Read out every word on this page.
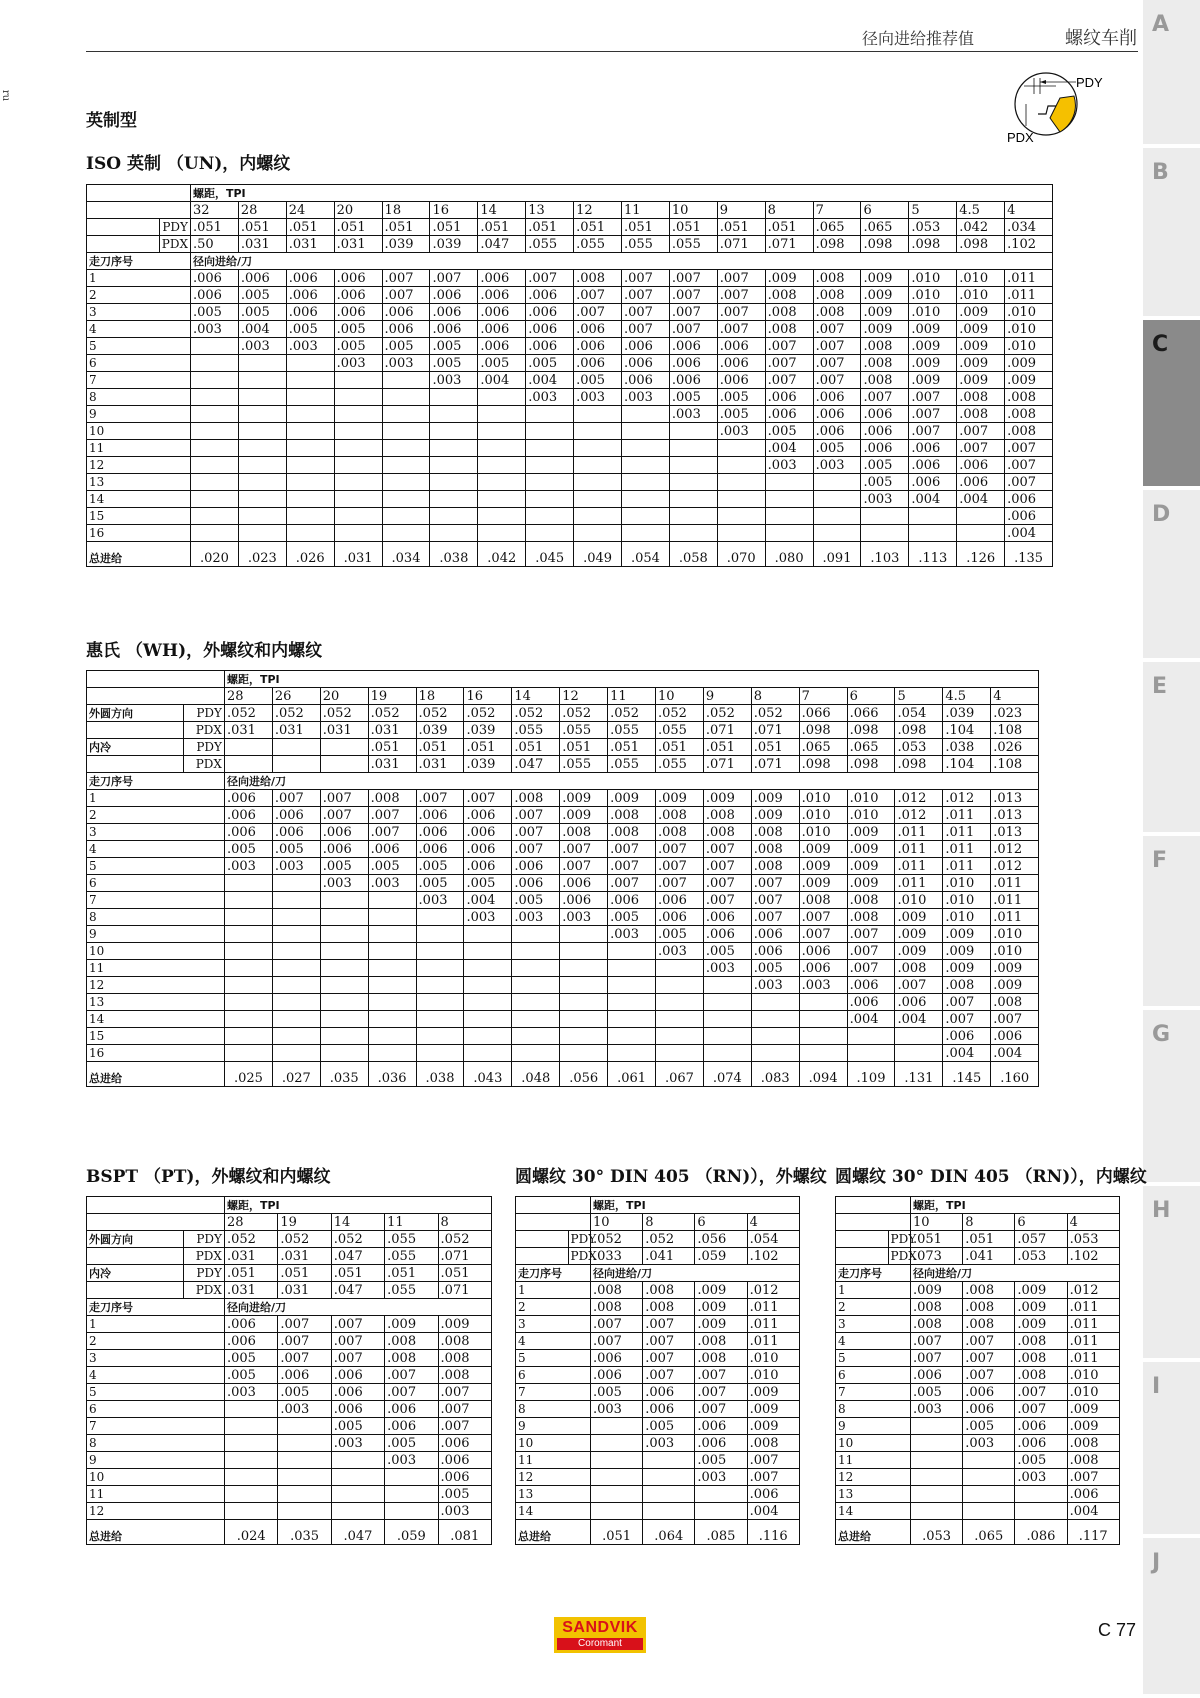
ru
径向进给推荐值	螺纹车削
A
B
C
D
E
F
G
H
I
J
英制型
PDY
PDX
ISO 英制 （UN)，内螺纹
惠氏 （WH)，外螺纹和内螺纹
BSPT （PT)，外螺纹和内螺纹	圆螺纹 30° DIN 405 （RN)），外螺纹 圆螺纹 30° DIN 405 （RN)），内螺纹
		螺距，TPI																		
		32	28	24	20	18	16	14	13	12	11	10	9	8	7	6	5	4.5	4	
	PDY	.051	.051	.051	.051	.051	.051	.051	.051	.051	.051	.051	.051	.051	.065	.065	.053	.042	.034	
	PDX	.50	.031	.031	.031	.039	.039	.047	.055	.055	.055	.055	.071	.071	.098	.098	.098	.098	.102	
走刀序号		径向进给/刀																		
1		.006	.006	.006	.006	.007	.007	.006	.007	.008	.007	.007	.007	.009	.008	.009	.010	.010	.011	
2		.006	.005	.006	.006	.007	.006	.006	.006	.007	.007	.007	.007	.008	.008	.009	.010	.010	.011	
3		.005	.005	.006	.006	.006	.006	.006	.006	.007	.007	.007	.007	.008	.008	.009	.010	.009	.010	
4		.003	.004	.005	.005	.006	.006	.006	.006	.006	.007	.007	.007	.008	.007	.009	.009	.009	.010	
5			.003	.003	.005	.005	.005	.006	.006	.006	.006	.006	.006	.007	.007	.008	.009	.009	.010	
6					.003	.003	.005	.005	.005	.006	.006	.006	.006	.007	.007	.008	.009	.009	.009	
7							.003	.004	.004	.005	.006	.006	.006	.007	.007	.008	.009	.009	.009	
8									.003	.003	.003	.005	.005	.006	.006	.007	.007	.008	.008	
9												.003	.005	.006	.006	.006	.007	.008	.008	
10													.003	.005	.006	.006	.007	.007	.008	
11														.004	.005	.006	.006	.007	.007	
12														.003	.003	.005	.006	.006	.007	
13																.005	.006	.006	.007	
14																.003	.004	.004	.006	
15																			.006	
16																			.004	
总进给		.020	.023	.026	.031	.034	.038	.042	.045	.049	.054	.058	.070	.080	.091	.103	.113	.126	.135	
		螺距，TPI																
		28	26	20	19	18	16	14	12	11	10	9	8	7	6	5	4.5	4
外圆方向	PDY	.052	.052	.052	.052	.052	.052	.052	.052	.052	.052	.052	.052	.066	.066	.054	.039	.023
	PDX	.031	.031	.031	.031	.039	.039	.055	.055	.055	.055	.071	.071	.098	.098	.098	.104	.108
内冷	PDY				.051	.051	.051	.051	.051	.051	.051	.051	.051	.065	.065	.053	.038	.026
	PDX				.031	.031	.039	.047	.055	.055	.055	.071	.071	.098	.098	.098	.104	.108
走刀序号		径向进给/刀																
1		.006	.007	.007	.008	.007	.007	.008	.009	.009	.009	.009	.009	.010	.010	.012	.012	.013
2		.006	.006	.007	.007	.006	.006	.007	.009	.008	.008	.008	.009	.010	.010	.012	.011	.013
3		.006	.006	.006	.007	.006	.006	.007	.008	.008	.008	.008	.008	.010	.009	.011	.011	.013
4		.005	.005	.006	.006	.006	.006	.007	.007	.007	.007	.007	.008	.009	.009	.011	.011	.012
5		.003	.003	.005	.005	.005	.006	.006	.007	.007	.007	.007	.008	.009	.009	.011	.011	.012
6				.003	.003	.005	.005	.006	.006	.007	.007	.007	.007	.009	.009	.011	.010	.011
7						.003	.004	.005	.006	.006	.006	.007	.007	.008	.008	.010	.010	.011
8							.003	.003	.003	.005	.006	.006	.007	.007	.008	.009	.010	.011
9										.003	.005	.006	.006	.007	.007	.009	.009	.010
10											.003	.005	.006	.006	.007	.009	.009	.010
11												.003	.005	.006	.007	.008	.009	.009
12													.003	.003	.006	.007	.008	.009
13															.006	.006	.007	.008
14															.004	.004	.007	.007
15																	.006	.006
16																	.004	.004
总进给		.025	.027	.035	.036	.038	.043	.048	.056	.061	.067	.074	.083	.094	.109	.131	.145	.160
		螺距，TPI				
		28	19	14	11	8
外圆方向	PDY	.052	.052	.052	.055	.052
	PDX	.031	.031	.047	.055	.071
内冷	PDY	.051	.051	.051	.051	.051
	PDX	.031	.031	.047	.055	.071
走刀序号		径向进给/刀				
1		.006	.007	.007	.009	.009
2		.006	.007	.007	.008	.008
3		.005	.007	.007	.008	.008
4		.005	.006	.006	.007	.008
5		.003	.005	.006	.007	.007
6			.003	.006	.006	.007
7				.005	.006	.007
8				.003	.005	.006
9					.003	.006
10						.006
11						.005
12						.003
总进给		.024	.035	.047	.059	.081
		螺距，TPI			
		10	8	6	4
	PDY	.052	.052	.056	.054
	PDX	.033	.041	.059	.102
走刀序号		径向进给/刀			
1		.008	.008	.009	.012
2		.008	.008	.009	.011
3		.007	.007	.009	.011
4		.007	.007	.008	.011
5		.006	.007	.008	.010
6		.006	.007	.007	.010
7		.005	.006	.007	.009
8		.003	.006	.007	.009
9			.005	.006	.009
10			.003	.006	.008
11				.005	.007
12				.003	.007
13					.006
14					.004
总进给		.051	.064	.085	.116
		螺距，TPI			
		10	8	6	4
	PDY	.051	.051	.057	.053
	PDX	.073	.041	.053	.102
走刀序号		径向进给/刀			
1		.009	.008	.009	.012
2		.008	.008	.009	.011
3		.008	.008	.009	.011
4		.007	.007	.008	.011
5		.007	.007	.008	.011
6		.006	.007	.008	.010
7		.005	.006	.007	.010
8		.003	.006	.007	.009
9			.005	.006	.009
10			.003	.006	.008
11				.005	.008
12				.003	.007
13					.006
14					.004
总进给		.053	.065	.086	.117
SANDVIK
Coromant
C 77
